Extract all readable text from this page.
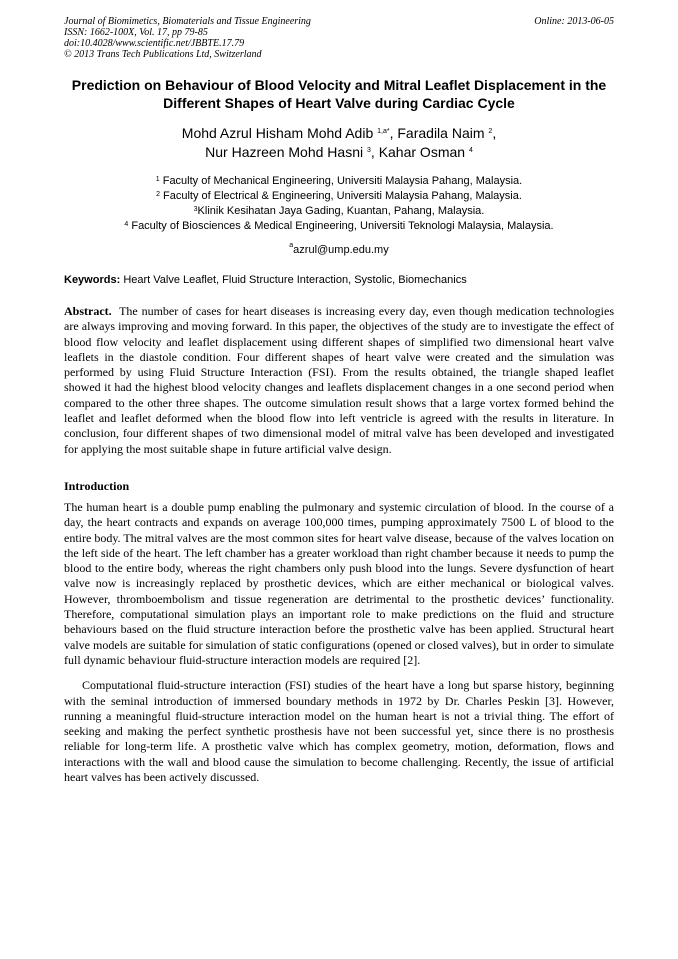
Journal of Biomimetics, Biomaterials and Tissue Engineering
ISSN: 1662-100X, Vol. 17, pp 79-85
doi:10.4028/www.scientific.net/JBBTE.17.79
© 2013 Trans Tech Publications Ltd, Switzerland
Online: 2013-06-05
Prediction on Behaviour of Blood Velocity and Mitral Leaflet Displacement in the Different Shapes of Heart Valve during Cardiac Cycle
Mohd Azrul Hisham Mohd Adib $^{1,a*}$, Faradila Naim $^2$,
Nur Hazreen Mohd Hasni $^3$, Kahar Osman $^4$
$^1$ Faculty of Mechanical Engineering, Universiti Malaysia Pahang, Malaysia.
$^2$ Faculty of Electrical & Engineering, Universiti Malaysia Pahang, Malaysia.
$^3$Klinik Kesihatan Jaya Gading, Kuantan, Pahang, Malaysia.
$^4$ Faculty of Biosciences & Medical Engineering, Universiti Teknologi Malaysia, Malaysia.
$^a$azrul@ump.edu.my
Keywords: Heart Valve Leaflet, Fluid Structure Interaction, Systolic, Biomechanics
Abstract. The number of cases for heart diseases is increasing every day, even though medication technologies are always improving and moving forward. In this paper, the objectives of the study are to investigate the effect of blood flow velocity and leaflet displacement using different shapes of simplified two dimensional heart valve leaflets in the diastole condition. Four different shapes of heart valve were created and the simulation was performed by using Fluid Structure Interaction (FSI). From the results obtained, the triangle shaped leaflet showed it had the highest blood velocity changes and leaflets displacement changes in a one second period when compared to the other three shapes. The outcome simulation result shows that a large vortex formed behind the leaflet and leaflet deformed when the blood flow into left ventricle is agreed with the results in literature. In conclusion, four different shapes of two dimensional model of mitral valve has been developed and investigated for applying the most suitable shape in future artificial valve design.
Introduction
The human heart is a double pump enabling the pulmonary and systemic circulation of blood. In the course of a day, the heart contracts and expands on average 100,000 times, pumping approximately 7500 L of blood to the entire body. The mitral valves are the most common sites for heart valve disease, because of the valves location on the left side of the heart. The left chamber has a greater workload than right chamber because it needs to pump the blood to the entire body, whereas the right chambers only push blood into the lungs. Severe dysfunction of heart valve now is increasingly replaced by prosthetic devices, which are either mechanical or biological valves. However, thromboembolism and tissue regeneration are detrimental to the prosthetic devices’ functionality. Therefore, computational simulation plays an important role to make predictions on the fluid and structure behaviours based on the fluid structure interaction before the prosthetic valve has been applied. Structural heart valve models are suitable for simulation of static configurations (opened or closed valves), but in order to simulate full dynamic behaviour fluid-structure interaction models are required [2].
Computational fluid-structure interaction (FSI) studies of the heart have a long but sparse history, beginning with the seminal introduction of immersed boundary methods in 1972 by Dr. Charles Peskin [3]. However, running a meaningful fluid-structure interaction model on the human heart is not a trivial thing. The effort of seeking and making the perfect synthetic prosthesis have not been successful yet, since there is no prosthesis reliable for long-term life. A prosthetic valve which has complex geometry, motion, deformation, flows and interactions with the wall and blood cause the simulation to become challenging. Recently, the issue of artificial heart valves has been actively discussed.
